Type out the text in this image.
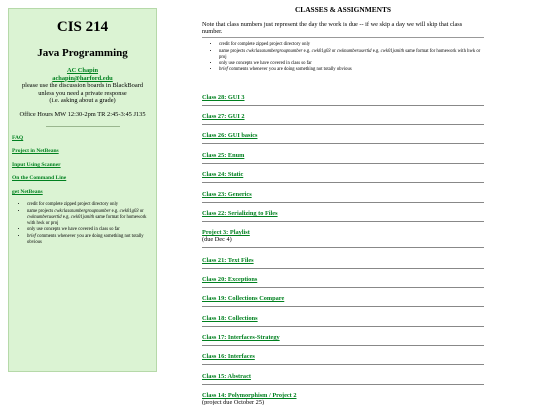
CIS 214
Java Programming
AC Chapin
achapin@harford.edu
please use the discussion boards in BlackBoard
unless you need a private response
(i.e. asking about a grade)
Office Hours MW 12:30-2pm TR 2:45-3:45 J135
FAQ
Project in NetBeans
Input Using Scanner
On the Command Line
get NetBeans
• credit for complete zipped project directory only
• name projects cwkclassnumbergroupnumber e.g. cwk01g03 or cwknumberusertid e.g. cwk01jsmith same format for homework with hwk or proj
• only use concepts we have covered in class so far
• brief comments whenever you are doing something not totally obvious
CLASSES & ASSIGNMENTS
Note that class numbers just represent the day the work is due -- if we skip a day we will skip that class number.
• credit for complete zipped project directory only
• name projects cwkclassnumbergroupnumber e.g. cwk01g03 or cwknumberusertid e.g. cwk01jsmith same format for homework with hwk or proj
• only use concepts we have covered in class so far
• brief comments whenever you are doing something not totally obvious
Class 28: GUI 3
Class 27: GUI 2
Class 26: GUI basics
Class 25: Enum
Class 24: Static
Class 23: Generics
Class 22: Serializing to Files
Project 3: Playlist
(due Dec 4)
Class 21: Text Files
Class 20: Exceptions
Class 19: Collections Compare
Class 18: Collections
Class 17: Interfaces-Strategy
Class 16: Interfaces
Class 15: Abstract
Class 14: Polymorphism / Project 2
(project due October 25)
